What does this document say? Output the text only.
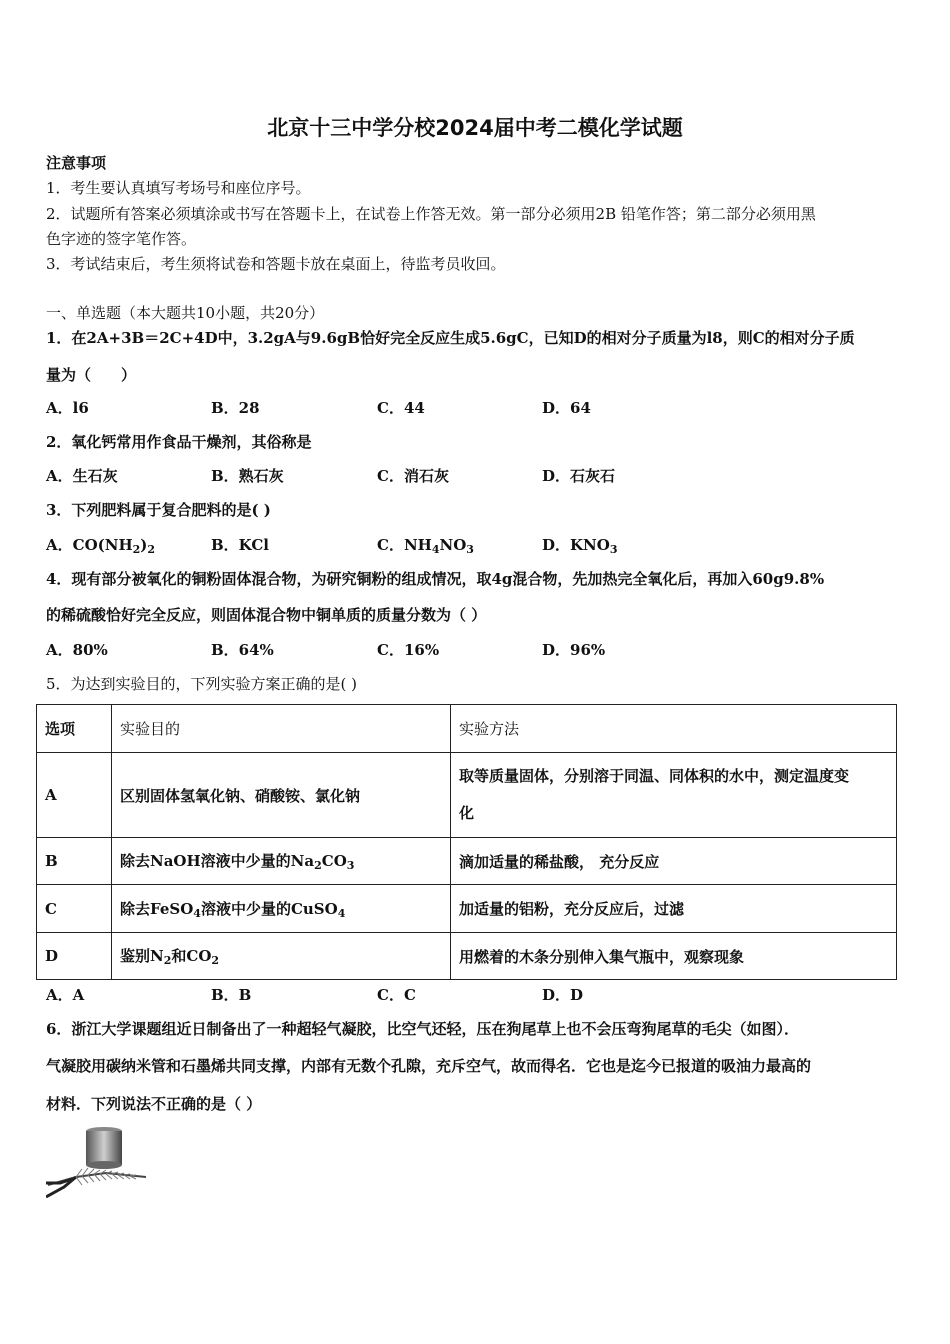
北京十三中学分校2024届中考二模化学试题
注意事项
1．考生要认真填写考场号和座位序号。
2．试题所有答案必须填涂或书写在答题卡上，在试卷上作答无效。第一部分必须用2B 铅笔作答；第二部分必须用黑
色字迹的签字笔作答。
3．考试结束后，考生须将试卷和答题卡放在桌面上，待监考员收回。
一、单选题（本大题共10小题，共20分）
1．在2A+3B＝2C+4D中，3.2gA与9.6gB恰好完全反应生成5.6gC，已知D的相对分子质量为l8，则C的相对分子质
量为（　　）
A．l6	B．28	C．44	D．64
2．氧化钙常用作食品干燥剂，其俗称是
A．生石灰	B．熟石灰	C．消石灰	D．石灰石
3．下列肥料属于复合肥料的是( )
A．$CO(NH_2)_2$	B．KCl	C．$NH_4NO_3$	D．$KNO_3$
4．现有部分被氧化的铜粉固体混合物，为研究铜粉的组成情况，取4g混合物，先加热完全氧化后，再加入60g9.8%
的稀硫酸恰好完全反应，则固体混合物中铜单质的质量分数为（ ）
A．80%	B．64%	C．16%	D．96%
5．为达到实验目的，下列实验方案正确的是( )
选项	实验目的	实验方法
A	区别固体氢氧化钠、硝酸铵、氯化钠	取等质量固体，分别溶于同温、同体积的水中，测定温度变
化
B	除去NaOH溶液中少量的$Na_2CO_3$	滴加适量的稀盐酸， 充分反应
C	除去FeSO$_4$溶液中少量的CuSO$_4$	加适量的铝粉，充分反应后，过滤
D	鉴别$N_2$和$CO_2$	用燃着的木条分别伸入集气瓶中，观察现象
A．A	B．B	C．C	D．D
6．浙江大学课题组近日制备出了一种超轻气凝胶，比空气还轻，压在狗尾草上也不会压弯狗尾草的毛尖（如图）．
气凝胶用碳纳米管和石墨烯共同支撑，内部有无数个孔隙，充斥空气，故而得名．它也是迄今已报道的吸油力最高的
材料．下列说法不正确的是（ ）
